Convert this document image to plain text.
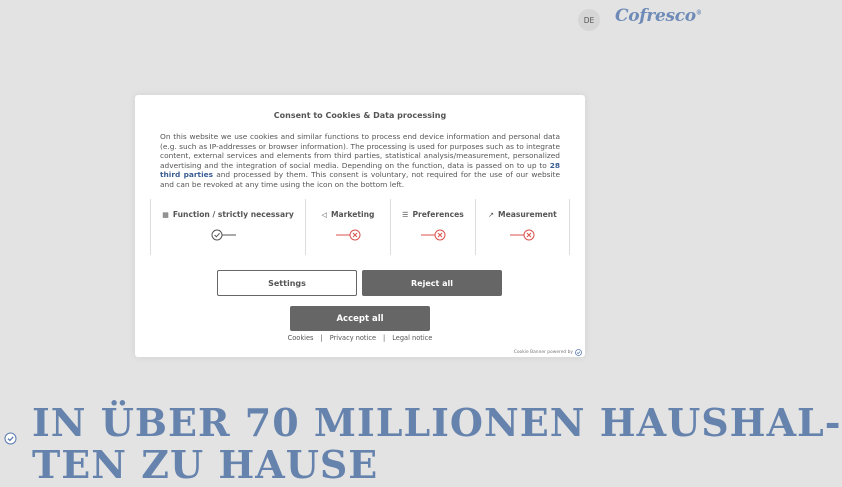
DE	Cofresco®
IN ÜBER 70 MILLIONEN HAUSHAL-
TEN ZU HAUSE
Consent to Cookies & Data processing
On this website we use cookies and similar functions to process end device information and personal data (e.g. such as IP-addresses or browser information). The processing is used for purposes such as to integrate content, external services and elements from third parties, statistical analysis/measurement, personalized advertising and the integration of social media. Depending on the function, data is passed on to up to 28 third parties and processed by them. This consent is voluntary, not required for the use of our website and can be revoked at any time using the icon on the bottom left.
▦ Function / strictly necessary	◁ Marketing	☰ Preferences	↗ Measurement
Settings	Reject all
Accept all
Cookies | Privacy notice | Legal notice
Cookie Banner powered by
